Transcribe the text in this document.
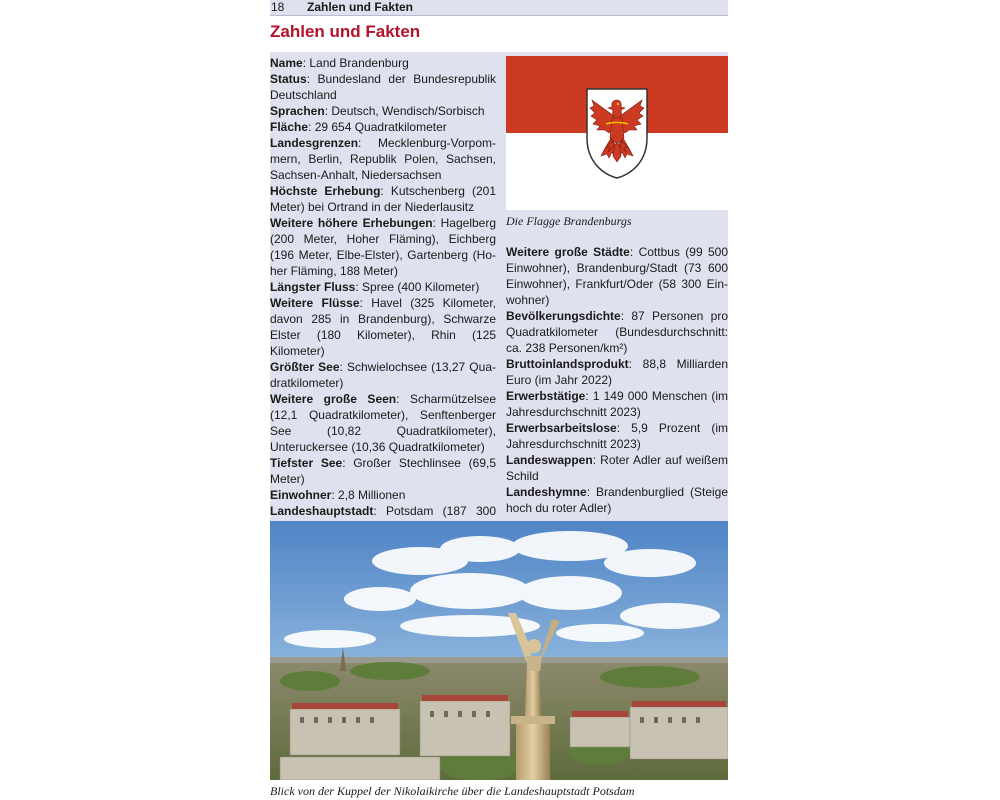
18 Zahlen und Fakten
Zahlen und Fakten

Name: Land Brandenburg

Status: Bundesland der Bundesrepublik Deutschland

Sprachen: Deutsch, Wendisch/Sorbisch

Fläche: 29 654 Quadratkilometer

Landesgrenzen: Mecklenburg-Vorpommern, Berlin, Republik Polen, Sachsen, Sachsen-Anhalt, Niedersachsen

Höchste Erhebung: Kutschenberg (201 Meter) bei Ortrand in der Niederlausitz

Weitere höhere Erhebungen: Hagelberg (200 Meter, Hoher Fläming), Eichberg (196 Meter, Elbe-Elster), Gartenberg (Hoher Fläming, 188 Meter)

Längster Fluss: Spree (400 Kilometer)

Weitere Flüsse: Havel (325 Kilometer, davon 285 in Brandenburg), Schwarze Elster (180 Kilometer), Rhin (125 Kilometer)

Größter See: Schwielochsee (13,27 Quadratkilometer)

Weitere große Seen: Scharmützelsee (12,1 Quadratkilometer), Senftenberger See (10,82 Quadratkilometer), Unteruckersee (10,36 Quadratkilometer)

Tiefster See: Großer Stechlinsee (69,5 Meter)

Einwohner: 2,8 Millionen

Landeshauptstadt: Potsdam (187 300

Die Flagge Brandenburgs

Weitere große Städte: Cottbus (99 500 Einwohner), Brandenburg/Stadt (73 600 Einwohner), Frankfurt/Oder (58 300 Einwohner)

Bevölkerungsdichte: 87 Personen pro Quadratkilometer (Bundesdurchschnitt: ca. 238 Personen/km²)

Bruttoinlandsprodukt: 88,8 Milliarden Euro (im Jahr 2022)

Erwerbstätige: 1 149 000 Menschen (im Jahresdurchschnitt 2023)

Erwerbsarbeitslose: 5,9 Prozent (im Jahresdurchschnitt 2023)

Landeswappen: Roter Adler auf weißem Schild

Landeshymne: Brandenburglied (Steige hoch du roter Adler)

Blick von der Kuppel der Nikolaikirche über die Landeshauptstadt Potsdam
